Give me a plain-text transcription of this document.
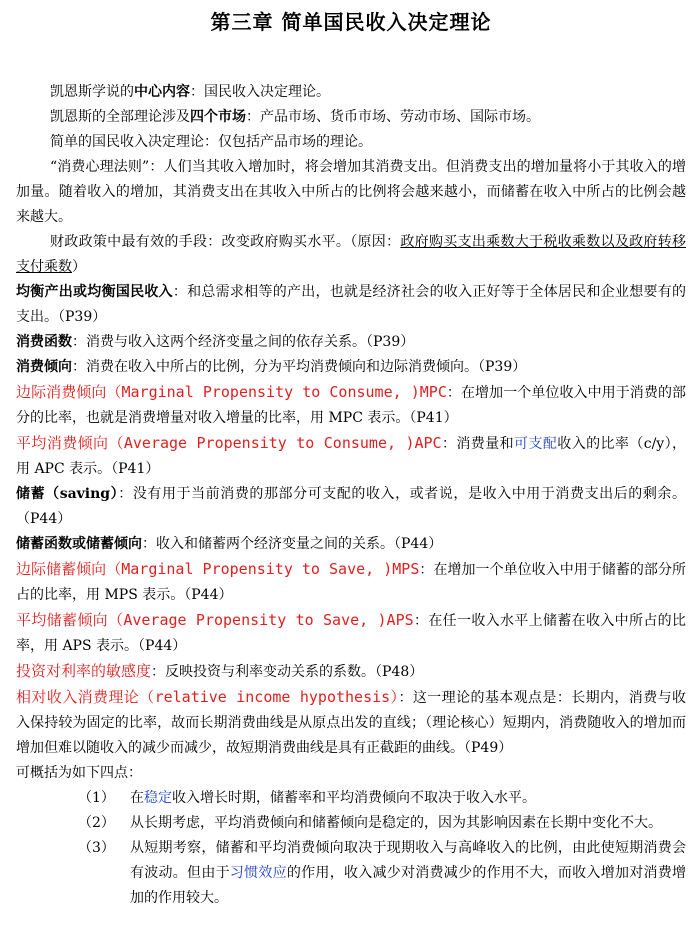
第三章 简单国民收入决定理论

凯恩斯学说的中心内容：国民收入决定理论。

凯恩斯的全部理论涉及四个市场：产品市场、货币市场、劳动市场、国际市场。

简单的国民收入决定理论：仅包括产品市场的理论。

“消费心理法则”：人们当其收入增加时，将会增加其消费支出。但消费支出的增加量将小于其收入的增加量。随着收入的增加，其消费支出在其收入中所占的比例将会越来越小，而储蓄在收入中所占的比例会越来越大。

财政政策中最有效的手段：改变政府购买水平。（原因：政府购买支出乘数大于税收乘数以及政府转移支付乘数）

均衡产出或均衡国民收入：和总需求相等的产出，也就是经济社会的收入正好等于全体居民和企业想要有的支出。（P39）

消费函数：消费与收入这两个经济变量之间的依存关系。（P39）

消费倾向：消费在收入中所占的比例，分为平均消费倾向和边际消费倾向。（P39）

边际消费倾向（Marginal Propensity to Consume, )MPC：在增加一个单位收入中用于消费的部分的比率，也就是消费增量对收入增量的比率，用 MPC 表示。（P41）

平均消费倾向（Average Propensity to Consume, )APC：消费量和可支配收入的比率（c/y），用 APC 表示。（P41）

储蓄（saving）：没有用于当前消费的那部分可支配的收入，或者说，是收入中用于消费支出后的剩余。（P44）

储蓄函数或储蓄倾向：收入和储蓄两个经济变量之间的关系。（P44）

边际储蓄倾向（Marginal Propensity to Save, )MPS：在增加一个单位收入中用于储蓄的部分所占的比率，用 MPS 表示。（P44）

平均储蓄倾向（Average Propensity to Save, )APS：在任一收入水平上储蓄在收入中所占的比率，用 APS 表示。（P44）

投资对利率的敏感度：反映投资与利率变动关系的系数。（P48）

相对收入消费理论（relative income hypothesis）：这一理论的基本观点是：长期内，消费与收入保持较为固定的比率，故而长期消费曲线是从原点出发的直线；（理论核心）短期内，消费随收入的增加而增加但难以随收入的减少而减少，故短期消费曲线是具有正截距的曲线。（P49）

可概括为如下四点：

（1）	在稳定收入增长时期，储蓄率和平均消费倾向不取决于收入水平。
（2）	从长期考虑，平均消费倾向和储蓄倾向是稳定的，因为其影响因素在长期中变化不大。
（3）	从短期考察，储蓄和平均消费倾向取决于现期收入与高峰收入的比例，由此使短期消费会有波动。但由于习惯效应的作用，收入减少对消费减少的作用不大，而收入增加对消费增加的作用较大。
